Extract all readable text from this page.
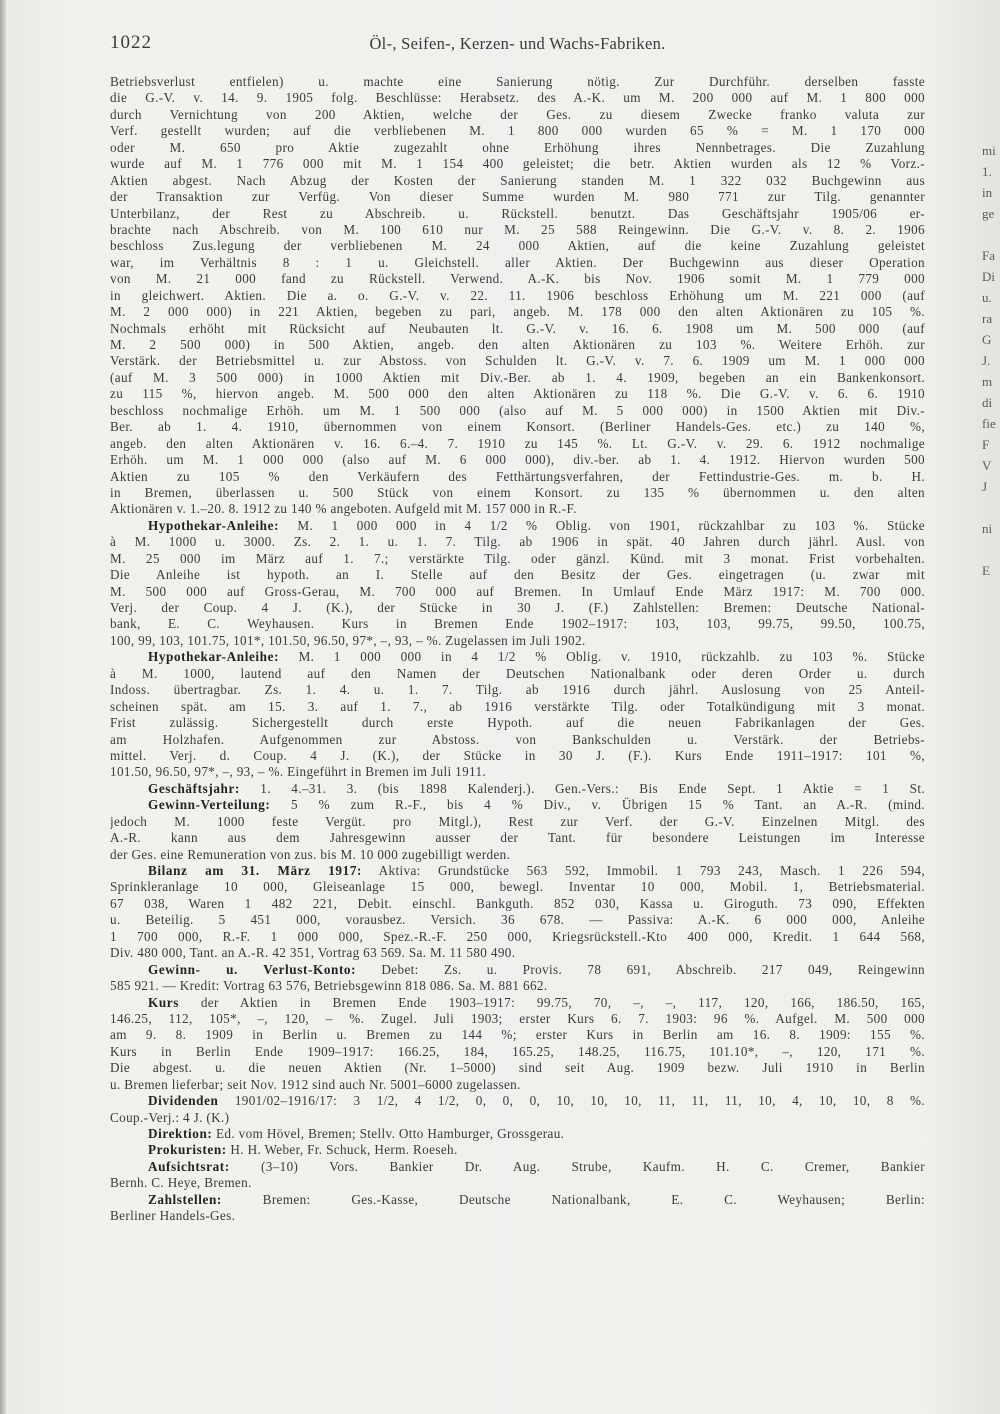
1022	Öl-, Seifen-, Kerzen- und Wachs-Fabriken.
Betriebsverlust entfielen) u. machte eine Sanierung nötig. Zur Durchführ. derselben fasste
die G.-V. v. 14. 9. 1905 folg. Beschlüsse: Herabsetz. des A.-K. um M. 200 000 auf M. 1 800 000
durch Vernichtung von 200 Aktien, welche der Ges. zu diesem Zwecke franko valuta zur
Verf. gestellt wurden; auf die verbliebenen M. 1 800 000 wurden 65 % = M. 1 170 000
oder M. 650 pro Aktie zugezahlt ohne Erhöhung ihres Nennbetrages. Die Zuzahlung
wurde auf M. 1 776 000 mit M. 1 154 400 geleistet; die betr. Aktien wurden als 12 % Vorz.-
Aktien abgest. Nach Abzug der Kosten der Sanierung standen M. 1 322 032 Buchgewinn aus
der Transaktion zur Verfüg. Von dieser Summe wurden M. 980 771 zur Tilg. genannter
Unterbilanz, der Rest zu Abschreib. u. Rückstell. benutzt. Das Geschäftsjahr 1905/06 er-
brachte nach Abschreib. von M. 100 610 nur M. 25 588 Reingewinn. Die G.-V. v. 8. 2. 1906
beschloss Zus.legung der verbliebenen M. 24 000 Aktien, auf die keine Zuzahlung geleistet
war, im Verhältnis 8 : 1 u. Gleichstell. aller Aktien. Der Buchgewinn aus dieser Operation
von M. 21 000 fand zu Rückstell. Verwend. A.-K. bis Nov. 1906 somit M. 1 779 000
in gleichwert. Aktien. Die a. o. G.-V. v. 22. 11. 1906 beschloss Erhöhung um M. 221 000 (auf
M. 2 000 000) in 221 Aktien, begeben zu pari, angeb. M. 178 000 den alten Aktionären zu 105 %.
Nochmals erhöht mit Rücksicht auf Neubauten lt. G.-V. v. 16. 6. 1908 um M. 500 000 (auf
M. 2 500 000) in 500 Aktien, angeb. den alten Aktionären zu 103 %. Weitere Erhöh. zur
Verstärk. der Betriebsmittel u. zur Abstoss. von Schulden lt. G.-V. v. 7. 6. 1909 um M. 1 000 000
(auf M. 3 500 000) in 1000 Aktien mit Div.-Ber. ab 1. 4. 1909, begeben an ein Bankenkonsort.
zu 115 %, hiervon angeb. M. 500 000 den alten Aktionären zu 118 %. Die G.-V. v. 6. 6. 1910
beschloss nochmalige Erhöh. um M. 1 500 000 (also auf M. 5 000 000) in 1500 Aktien mit Div.-
Ber. ab 1. 4. 1910, übernommen von einem Konsort. (Berliner Handels-Ges. etc.) zu 140 %,
angeb. den alten Aktionären v. 16. 6.–4. 7. 1910 zu 145 %. Lt. G.-V. v. 29. 6. 1912 nochmalige
Erhöh. um M. 1 000 000 (also auf M. 6 000 000), div.-ber. ab 1. 4. 1912. Hiervon wurden 500
Aktien zu 105 % den Verkäufern des Fetthärtungsverfahren, der Fettindustrie-Ges. m. b. H.
in Bremen, überlassen u. 500 Stück von einem Konsort. zu 135 % übernommen u. den alten
Aktionären v. 1.–20. 8. 1912 zu 140 % angeboten. Aufgeld mit M. 157 000 in R.-F.
Hypothekar-Anleihe: M. 1 000 000 in 4 1/2 % Oblig. von 1901, rückzahlbar zu 103 %. Stücke
à M. 1000 u. 3000. Zs. 2. 1. u. 1. 7. Tilg. ab 1906 in spät. 40 Jahren durch jährl. Ausl. von
M. 25 000 im März auf 1. 7.; verstärkte Tilg. oder gänzl. Künd. mit 3 monat. Frist vorbehalten.
Die Anleihe ist hypoth. an I. Stelle auf den Besitz der Ges. eingetragen (u. zwar mit
M. 500 000 auf Gross-Gerau, M. 700 000 auf Bremen. In Umlauf Ende März 1917: M. 700 000.
Verj. der Coup. 4 J. (K.), der Stücke in 30 J. (F.) Zahlstellen: Bremen: Deutsche National-
bank, E. C. Weyhausen. Kurs in Bremen Ende 1902–1917: 103, 103, 99.75, 99.50, 100.75,
100, 99, 103, 101.75, 101*, 101.50, 96.50, 97*, –, 93, – %. Zugelassen im Juli 1902.
Hypothekar-Anleihe: M. 1 000 000 in 4 1/2 % Oblig. v. 1910, rückzahlb. zu 103 %. Stücke
à M. 1000, lautend auf den Namen der Deutschen Nationalbank oder deren Order u. durch
Indoss. übertragbar. Zs. 1. 4. u. 1. 7. Tilg. ab 1916 durch jährl. Auslosung von 25 Anteil-
scheinen spät. am 15. 3. auf 1. 7., ab 1916 verstärkte Tilg. oder Totalkündigung mit 3 monat.
Frist zulässig. Sichergestellt durch erste Hypoth. auf die neuen Fabrikanlagen der Ges.
am Holzhafen. Aufgenommen zur Abstoss. von Bankschulden u. Verstärk. der Betriebs-
mittel. Verj. d. Coup. 4 J. (K.), der Stücke in 30 J. (F.). Kurs Ende 1911–1917: 101 %,
101.50, 96.50, 97*, –, 93, – %. Eingeführt in Bremen im Juli 1911.
Geschäftsjahr: 1. 4.–31. 3. (bis 1898 Kalenderj.). Gen.-Vers.: Bis Ende Sept. 1 Aktie = 1 St.
Gewinn-Verteilung: 5 % zum R.-F., bis 4 % Div., v. Übrigen 15 % Tant. an A.-R. (mind.
jedoch M. 1000 feste Vergüt. pro Mitgl.), Rest zur Verf. der G.-V. Einzelnen Mitgl. des
A.-R. kann aus dem Jahresgewinn ausser der Tant. für besondere Leistungen im Interesse
der Ges. eine Remuneration von zus. bis M. 10 000 zugebilligt werden.
Bilanz am 31. März 1917: Aktiva: Grundstücke 563 592, Immobil. 1 793 243, Masch. 1 226 594,
Sprinkleranlage 10 000, Gleiseanlage 15 000, bewegl. Inventar 10 000, Mobil. 1, Betriebsmaterial.
67 038, Waren 1 482 221, Debit. einschl. Bankguth. 852 030, Kassa u. Giroguth. 73 090, Effekten
u. Beteilig. 5 451 000, vorausbez. Versich. 36 678. — Passiva: A.-K. 6 000 000, Anleihe
1 700 000, R.-F. 1 000 000, Spez.-R.-F. 250 000, Kriegsrückstell.-Kto 400 000, Kredit. 1 644 568,
Div. 480 000, Tant. an A.-R. 42 351, Vortrag 63 569. Sa. M. 11 580 490.
Gewinn- u. Verlust-Konto: Debet: Zs. u. Provis. 78 691, Abschreib. 217 049, Reingewinn
585 921. — Kredit: Vortrag 63 576, Betriebsgewinn 818 086. Sa. M. 881 662.
Kurs der Aktien in Bremen Ende 1903–1917: 99.75, 70, –, –, 117, 120, 166, 186.50, 165,
146.25, 112, 105*, –, 120, – %. Zugel. Juli 1903; erster Kurs 6. 7. 1903: 96 %. Aufgel. M. 500 000
am 9. 8. 1909 in Berlin u. Bremen zu 144 %; erster Kurs in Berlin am 16. 8. 1909: 155 %.
Kurs in Berlin Ende 1909–1917: 166.25, 184, 165.25, 148.25, 116.75, 101.10*, –, 120, 171 %.
Die abgest. u. die neuen Aktien (Nr. 1–5000) sind seit Aug. 1909 bezw. Juli 1910 in Berlin
u. Bremen lieferbar; seit Nov. 1912 sind auch Nr. 5001–6000 zugelassen.
Dividenden 1901/02–1916/17: 3 1/2, 4 1/2, 0, 0, 0, 10, 10, 10, 11, 11, 11, 10, 4, 10, 10, 8 %.
Coup.-Verj.: 4 J. (K.)
Direktion: Ed. vom Hövel, Bremen; Stellv. Otto Hamburger, Grossgerau.
Prokuristen: H. H. Weber, Fr. Schuck, Herm. Roeseh.
Aufsichtsrat: (3–10) Vors. Bankier Dr. Aug. Strube, Kaufm. H. C. Cremer, Bankier
Bernh. C. Heye, Bremen.
Zahlstellen:	Bremen: Ges.-Kasse, Deutsche Nationalbank, E. C. Weyhausen; Berlin:
Berliner Handels-Ges.
mi
1.
in
ge

Fa
Di
u.
ra
G
J.
m
di
fie
F
V
J

ni

E
